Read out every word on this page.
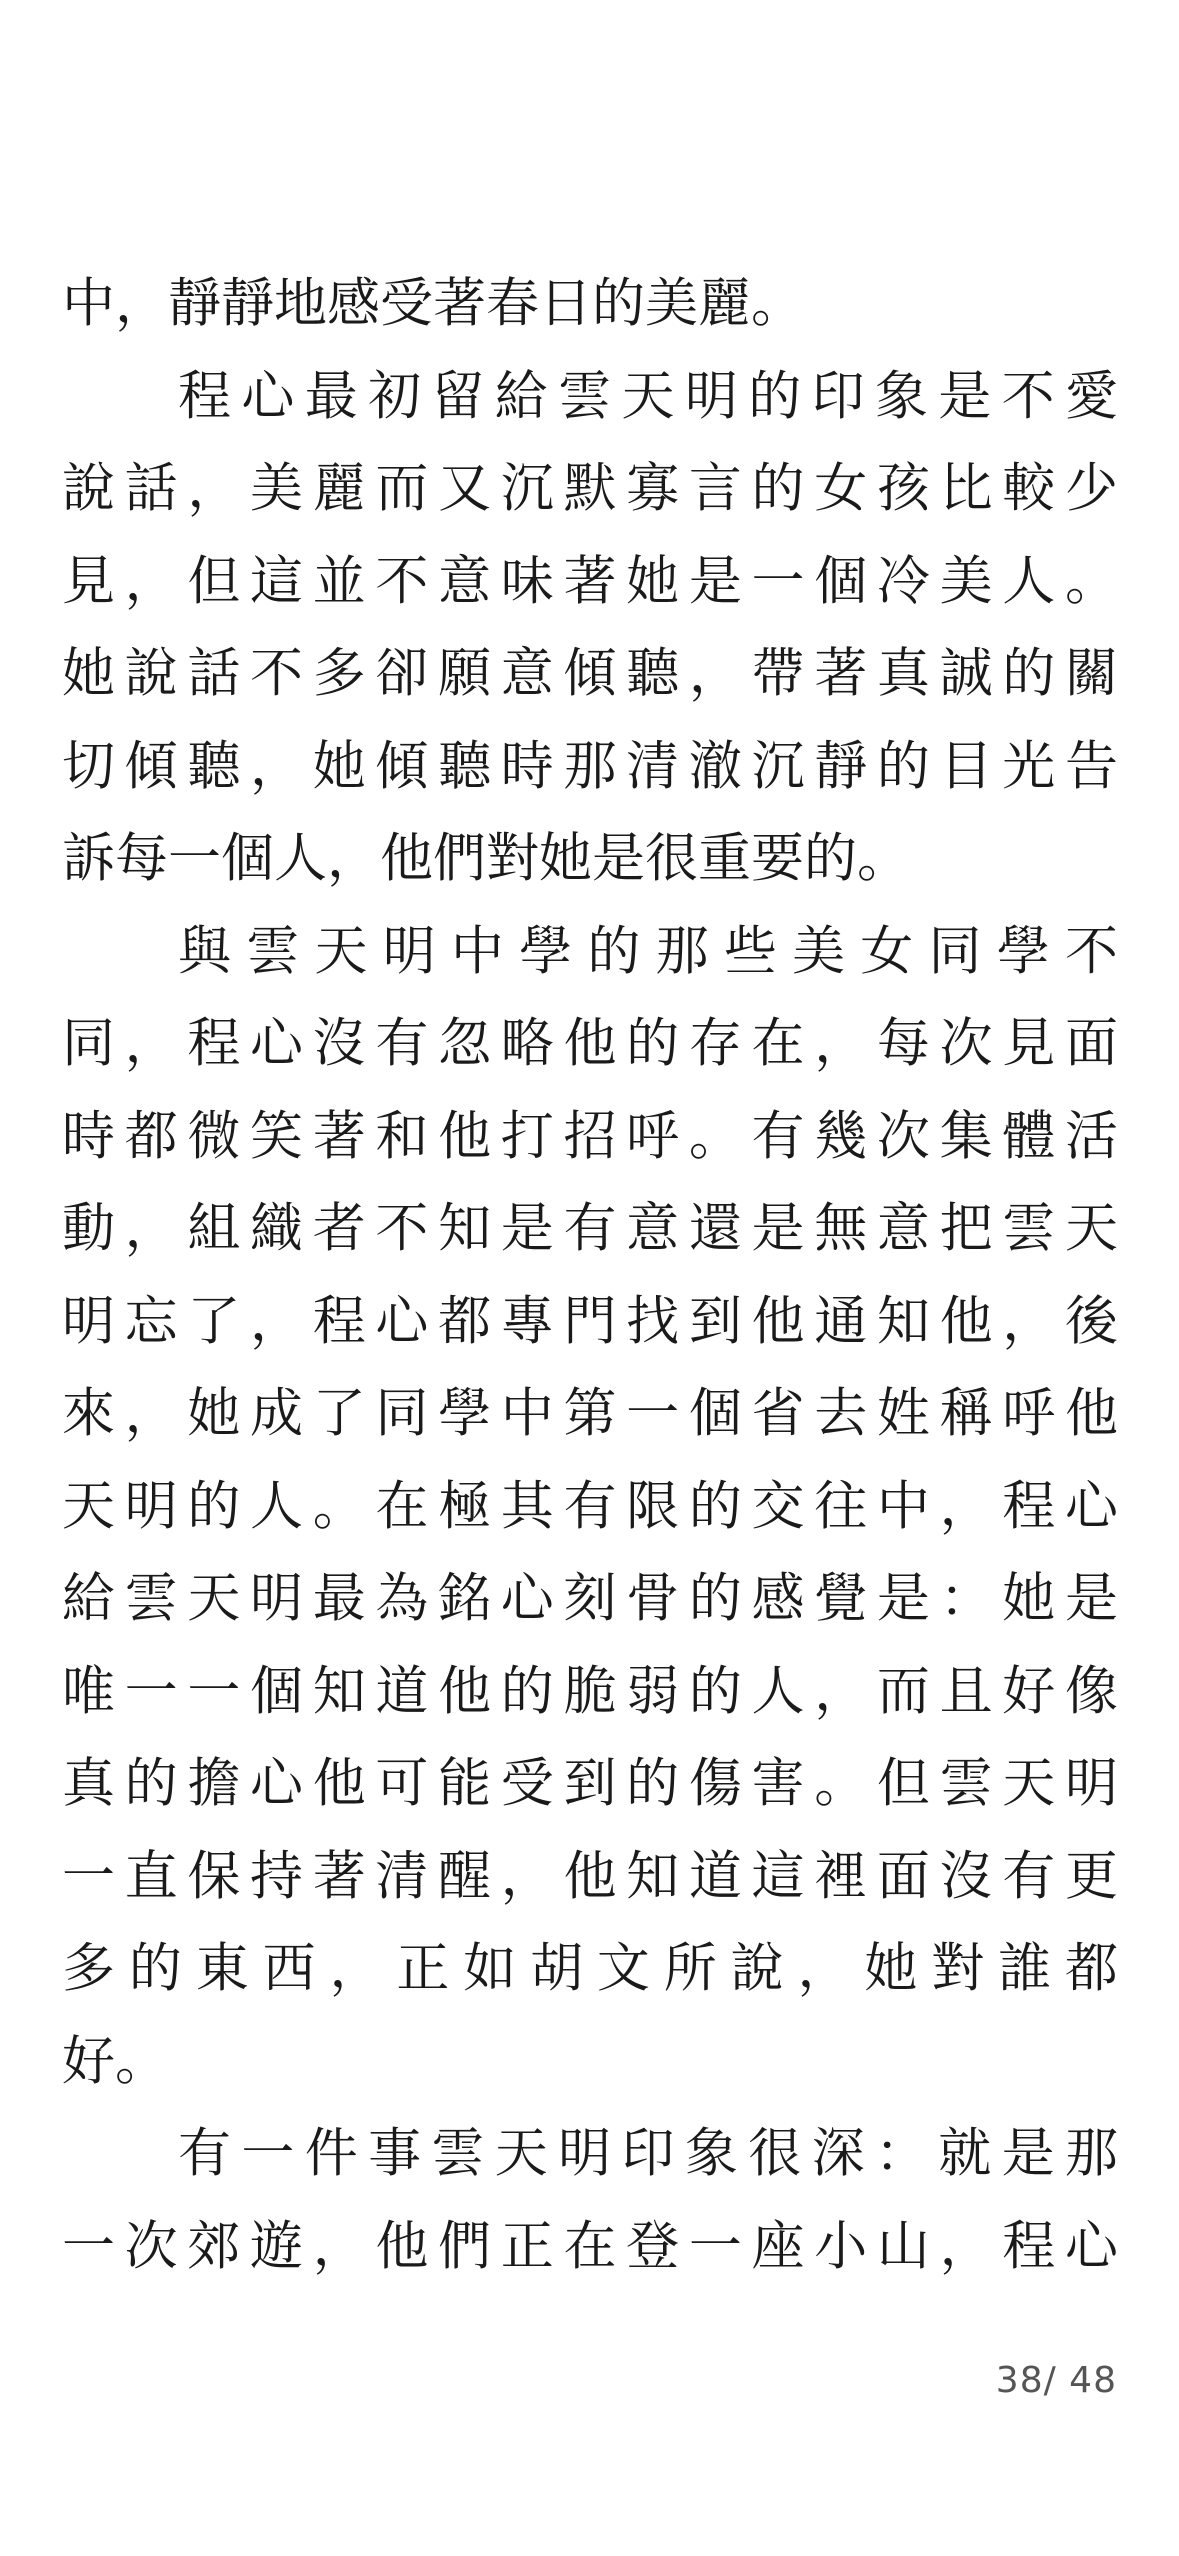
中，靜靜地感受著春日的美麗。
程心最初留給雲天明的印象是不愛
說話，美麗而又沉默寡言的女孩比較少
見，但這並不意味著她是一個冷美人。
她說話不多卻願意傾聽，帶著真誠的關
切傾聽，她傾聽時那清澈沉靜的目光告
訴每一個人，他們對她是很重要的。
與雲天明中學的那些美女同學不
同，程心沒有忽略他的存在，每次見面
時都微笑著和他打招呼。有幾次集體活
動，組織者不知是有意還是無意把雲天
明忘了，程心都專門找到他通知他，後
來，她成了同學中第一個省去姓稱呼他
天明的人。在極其有限的交往中，程心
給雲天明最為銘心刻骨的感覺是：她是
唯一一個知道他的脆弱的人，而且好像
真的擔心他可能受到的傷害。但雲天明
一直保持著清醒，他知道這裡面沒有更
多的東西，正如胡文所說，她對誰都
好。
有一件事雲天明印象很深：就是那
一次郊遊，他們正在登一座小山，程心
38/ 48
